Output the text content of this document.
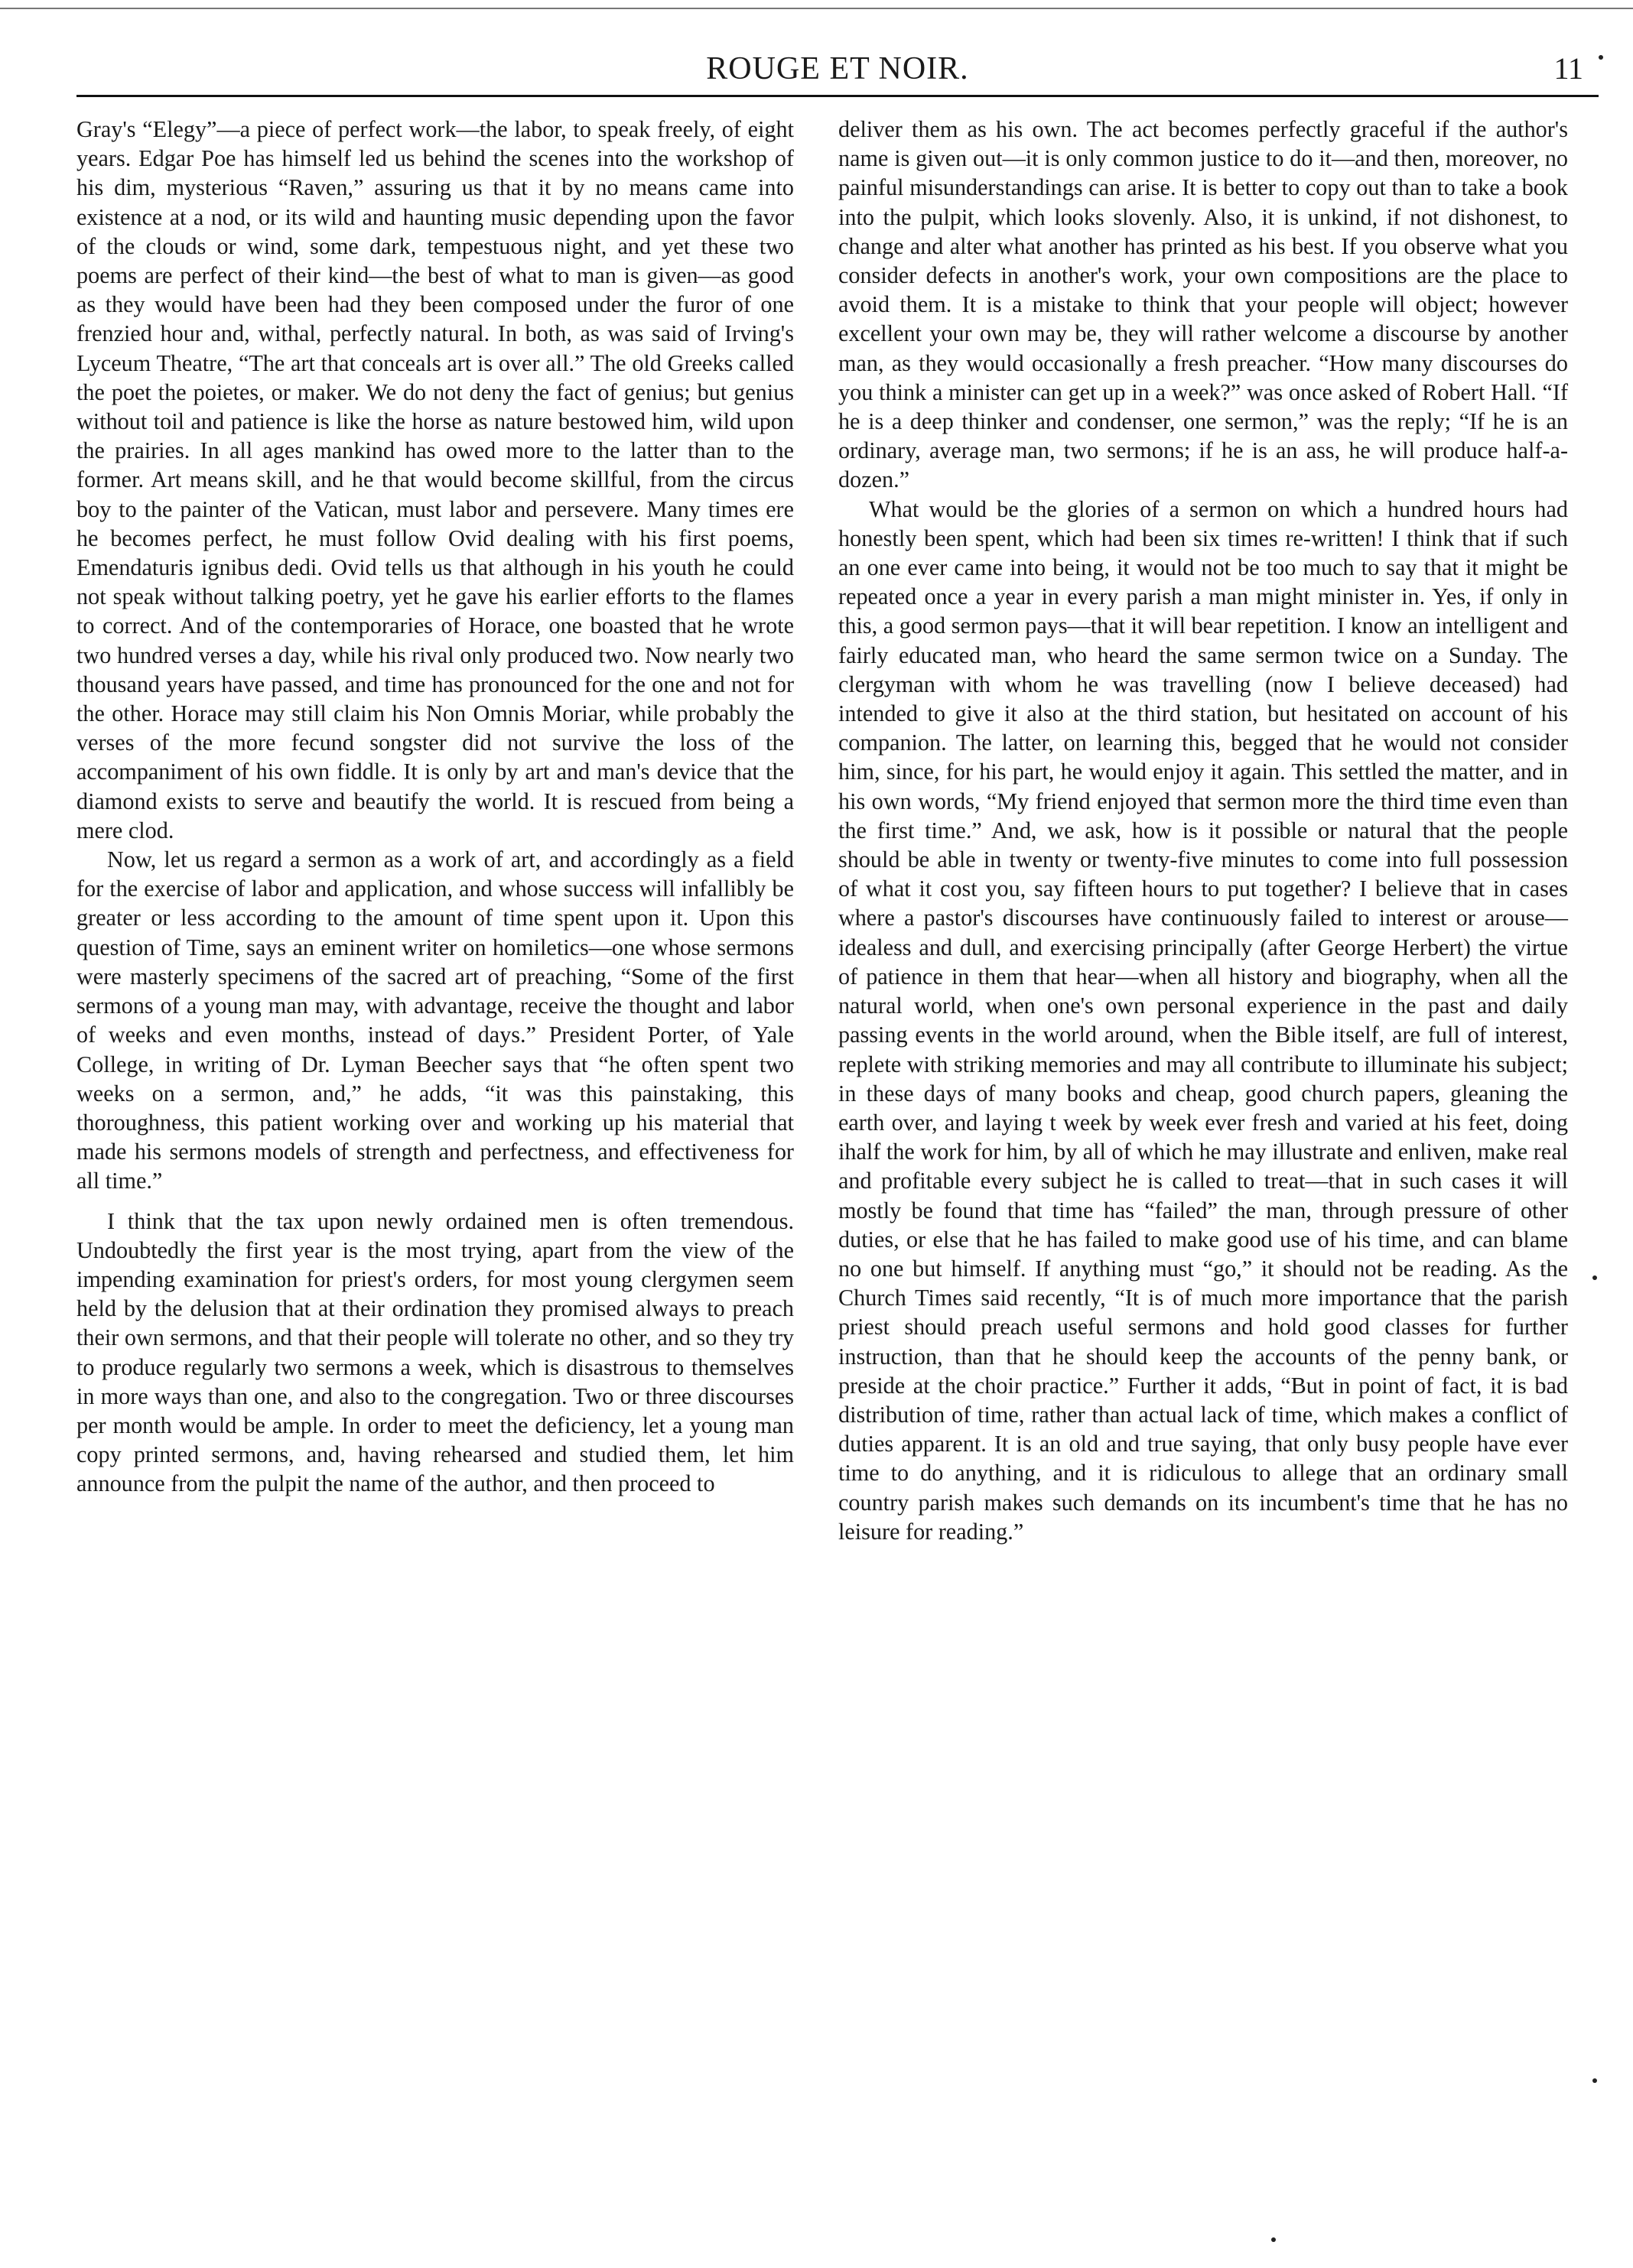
ROUGE ET NOIR.	11

Gray's “Elegy”—a piece of perfect work—the labor, to speak freely, of eight years. Edgar Poe has himself led us behind the scenes into the workshop of his dim, mysterious “Raven,” assuring us that it by no means came into existence at a nod, or its wild and haunting music depending upon the favor of the clouds or wind, some dark, tempestuous night, and yet these two poems are perfect of their kind—the best of what to man is given—as good as they would have been had they been composed under the furor of one frenzied hour and, withal, perfectly natural. In both, as was said of Irving's Lyceum Theatre, “The art that conceals art is over all.” The old Greeks called the poet the poietes, or maker. We do not deny the fact of genius; but genius without toil and patience is like the horse as nature bestowed him, wild upon the prairies. In all ages mankind has owed more to the latter than to the former. Art means skill, and he that would become skillful, from the circus boy to the painter of the Vatican, must labor and persevere. Many times ere he becomes perfect, he must follow Ovid dealing with his first poems, Emendaturis ignibus dedi. Ovid tells us that although in his youth he could not speak without talking poetry, yet he gave his earlier efforts to the flames to correct. And of the contemporaries of Horace, one boasted that he wrote two hundred verses a day, while his rival only produced two. Now nearly two thousand years have passed, and time has pronounced for the one and not for the other. Horace may still claim his Non Omnis Moriar, while probably the verses of the more fecund songster did not survive the loss of the accompaniment of his own fiddle. It is only by art and man's device that the diamond exists to serve and beautify the world. It is rescued from being a mere clod.

Now, let us regard a sermon as a work of art, and accordingly as a field for the exercise of labor and application, and whose success will infallibly be greater or less according to the amount of time spent upon it. Upon this question of Time, says an eminent writer on homiletics—one whose sermons were masterly specimens of the sacred art of preaching, “Some of the first sermons of a young man may, with advantage, receive the thought and labor of weeks and even months, instead of days.” President Porter, of Yale College, in writing of Dr. Lyman Beecher says that “he often spent two weeks on a sermon, and,” he adds, “it was this painstaking, this thoroughness, this patient working over and working up his material that made his sermons models of strength and perfectness, and effectiveness for all time.”

I think that the tax upon newly ordained men is often tremendous. Undoubtedly the first year is the most trying, apart from the view of the impending examination for priest's orders, for most young clergymen seem held by the delusion that at their ordination they promised always to preach their own sermons, and that their people will tolerate no other, and so they try to produce regularly two sermons a week, which is disastrous to themselves in more ways than one, and also to the congregation. Two or three discourses per month would be ample. In order to meet the deficiency, let a young man copy printed sermons, and, having rehearsed and studied them, let him announce from the pulpit the name of the author, and then proceed to

deliver them as his own. The act becomes perfectly graceful if the author's name is given out—it is only common justice to do it—and then, moreover, no painful misunderstandings can arise. It is better to copy out than to take a book into the pulpit, which looks slovenly. Also, it is unkind, if not dishonest, to change and alter what another has printed as his best. If you observe what you consider defects in another's work, your own compositions are the place to avoid them. It is a mistake to think that your people will object; however excellent your own may be, they will rather welcome a discourse by another man, as they would occasionally a fresh preacher. “How many discourses do you think a minister can get up in a week?” was once asked of Robert Hall. “If he is a deep thinker and condenser, one sermon,” was the reply; “If he is an ordinary, average man, two sermons; if he is an ass, he will produce half-a-dozen.”

What would be the glories of a sermon on which a hundred hours had honestly been spent, which had been six times re-written! I think that if such an one ever came into being, it would not be too much to say that it might be repeated once a year in every parish a man might minister in. Yes, if only in this, a good sermon pays—that it will bear repetition. I know an intelligent and fairly educated man, who heard the same sermon twice on a Sunday. The clergyman with whom he was travelling (now I believe deceased) had intended to give it also at the third station, but hesitated on account of his companion. The latter, on learning this, begged that he would not consider him, since, for his part, he would enjoy it again. This settled the matter, and in his own words, “My friend enjoyed that sermon more the third time even than the first time.” And, we ask, how is it possible or natural that the people should be able in twenty or twenty-five minutes to come into full possession of what it cost you, say fifteen hours to put together? I believe that in cases where a pastor's discourses have continuously failed to interest or arouse—idealess and dull, and exercising principally (after George Herbert) the virtue of patience in them that hear—when all history and biography, when all the natural world, when one's own personal experience in the past and daily passing events in the world around, when the Bible itself, are full of interest, replete with striking memories and may all contribute to illuminate his subject; in these days of many books and cheap, good church papers, gleaning the earth over, and laying t week by week ever fresh and varied at his feet, doing ihalf the work for him, by all of which he may illustrate and enliven, make real and profitable every subject he is called to treat—that in such cases it will mostly be found that time has “failed” the man, through pressure of other duties, or else that he has failed to make good use of his time, and can blame no one but himself. If anything must “go,” it should not be reading. As the Church Times said recently, “It is of much more importance that the parish priest should preach useful sermons and hold good classes for further instruction, than that he should keep the accounts of the penny bank, or preside at the choir practice.” Further it adds, “But in point of fact, it is bad distribution of time, rather than actual lack of time, which makes a conflict of duties apparent. It is an old and true saying, that only busy people have ever time to do anything, and it is ridiculous to allege that an ordinary small country parish makes such demands on its incumbent's time that he has no leisure for reading.”
